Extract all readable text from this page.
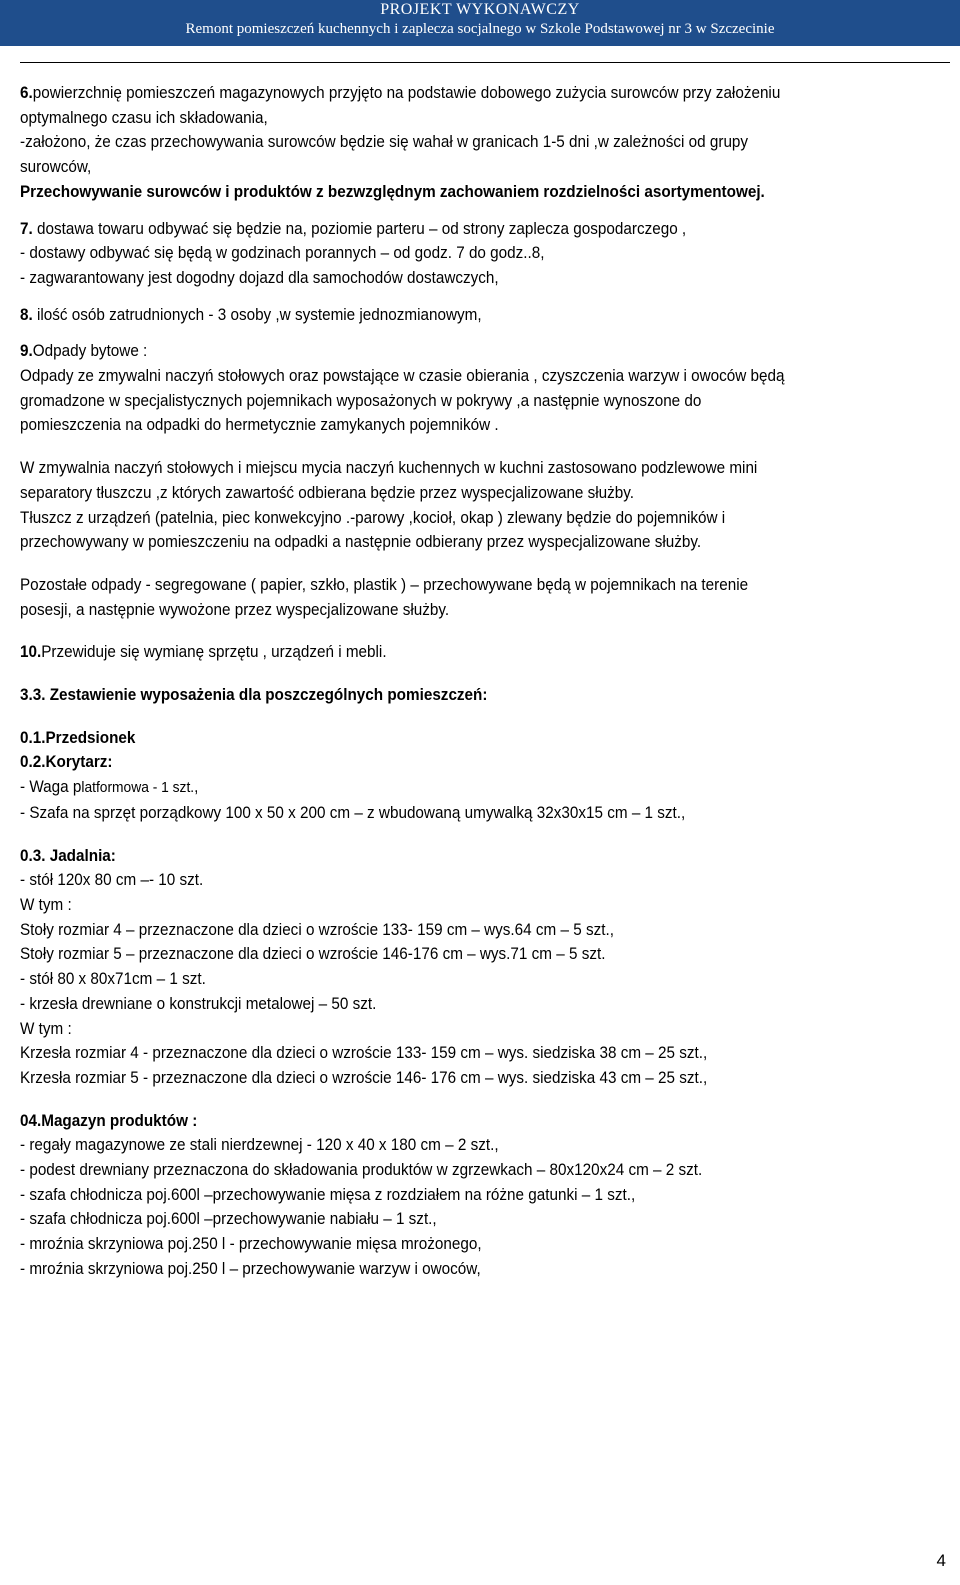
PROJEKT WYKONAWCZY
Remont pomieszczeń kuchennych i zaplecza socjalnego w Szkole Podstawowej nr 3 w Szczecinie

6.powierzchnię pomieszczeń magazynowych przyjęto na podstawie dobowego zużycia surowców przy założeniu

optymalnego czasu ich składowania,

-założono, że czas przechowywania surowców będzie się wahał w granicach 1-5 dni ,w zależności od grupy

surowców,

Przechowywanie surowców i produktów z bezwzględnym zachowaniem rozdzielności asortymentowej.

7. dostawa towaru odbywać się będzie na, poziomie parteru – od strony zaplecza gospodarczego ,

- dostawy odbywać się będą w godzinach porannych – od godz. 7 do godz..8,

- zagwarantowany jest dogodny dojazd dla samochodów dostawczych,

8. ilość osób zatrudnionych - 3 osoby ,w systemie jednozmianowym,

9.Odpady bytowe :

Odpady ze zmywalni naczyń stołowych oraz powstające w czasie obierania , czyszczenia warzyw i owoców będą

gromadzone w specjalistycznych pojemnikach wyposażonych w pokrywy ,a następnie wynoszone do

pomieszczenia na odpadki do hermetycznie zamykanych pojemników .

W zmywalnia naczyń stołowych i miejscu mycia naczyń kuchennych w kuchni zastosowano podzlewowe mini

separatory tłuszczu ,z których zawartość odbierana będzie przez wyspecjalizowane służby.

Tłuszcz z urządzeń (patelnia, piec konwekcyjno .-parowy ,kocioł, okap ) zlewany będzie do pojemników i

przechowywany w pomieszczeniu na odpadki a następnie odbierany przez wyspecjalizowane służby.

Pozostałe odpady - segregowane ( papier, szkło, plastik ) – przechowywane będą w pojemnikach na terenie

posesji, a następnie wywożone przez wyspecjalizowane służby.

10.Przewiduje się wymianę sprzętu , urządzeń i mebli.

3.3. Zestawienie wyposażenia dla poszczególnych pomieszczeń:

0.1.Przedsionek

0.2.Korytarz:

- Waga platformowa - 1 szt.,

- Szafa na sprzęt porządkowy 100 x 50 x 200 cm – z wbudowaną umywalką 32x30x15 cm – 1 szt.,

0.3. Jadalnia:

- stół 120x 80 cm –- 10 szt.

W tym :

Stoły rozmiar 4 – przeznaczone dla dzieci o wzroście 133- 159 cm – wys.64 cm – 5 szt.,

Stoły rozmiar 5 – przeznaczone dla dzieci o wzroście 146-176 cm – wys.71 cm – 5 szt.

- stół 80 x 80x71cm – 1 szt.

- krzesła drewniane o konstrukcji metalowej – 50 szt.

W tym :

Krzesła rozmiar 4 - przeznaczone dla dzieci o wzroście 133- 159 cm – wys. siedziska 38 cm – 25 szt.,

Krzesła rozmiar 5 - przeznaczone dla dzieci o wzroście 146- 176 cm – wys. siedziska 43 cm – 25 szt.,

04.Magazyn produktów :

- regały magazynowe ze stali nierdzewnej - 120 x 40 x 180 cm – 2 szt.,

- podest drewniany przeznaczona do składowania produktów w zgrzewkach – 80x120x24 cm – 2 szt.

- szafa chłodnicza poj.600l –przechowywanie mięsa z rozdziałem na różne gatunki – 1 szt.,

- szafa chłodnicza poj.600l –przechowywanie nabiału – 1 szt.,

- mroźnia skrzyniowa poj.250 l - przechowywanie mięsa mrożonego,

- mroźnia skrzyniowa poj.250 l – przechowywanie warzyw i owoców,

4
